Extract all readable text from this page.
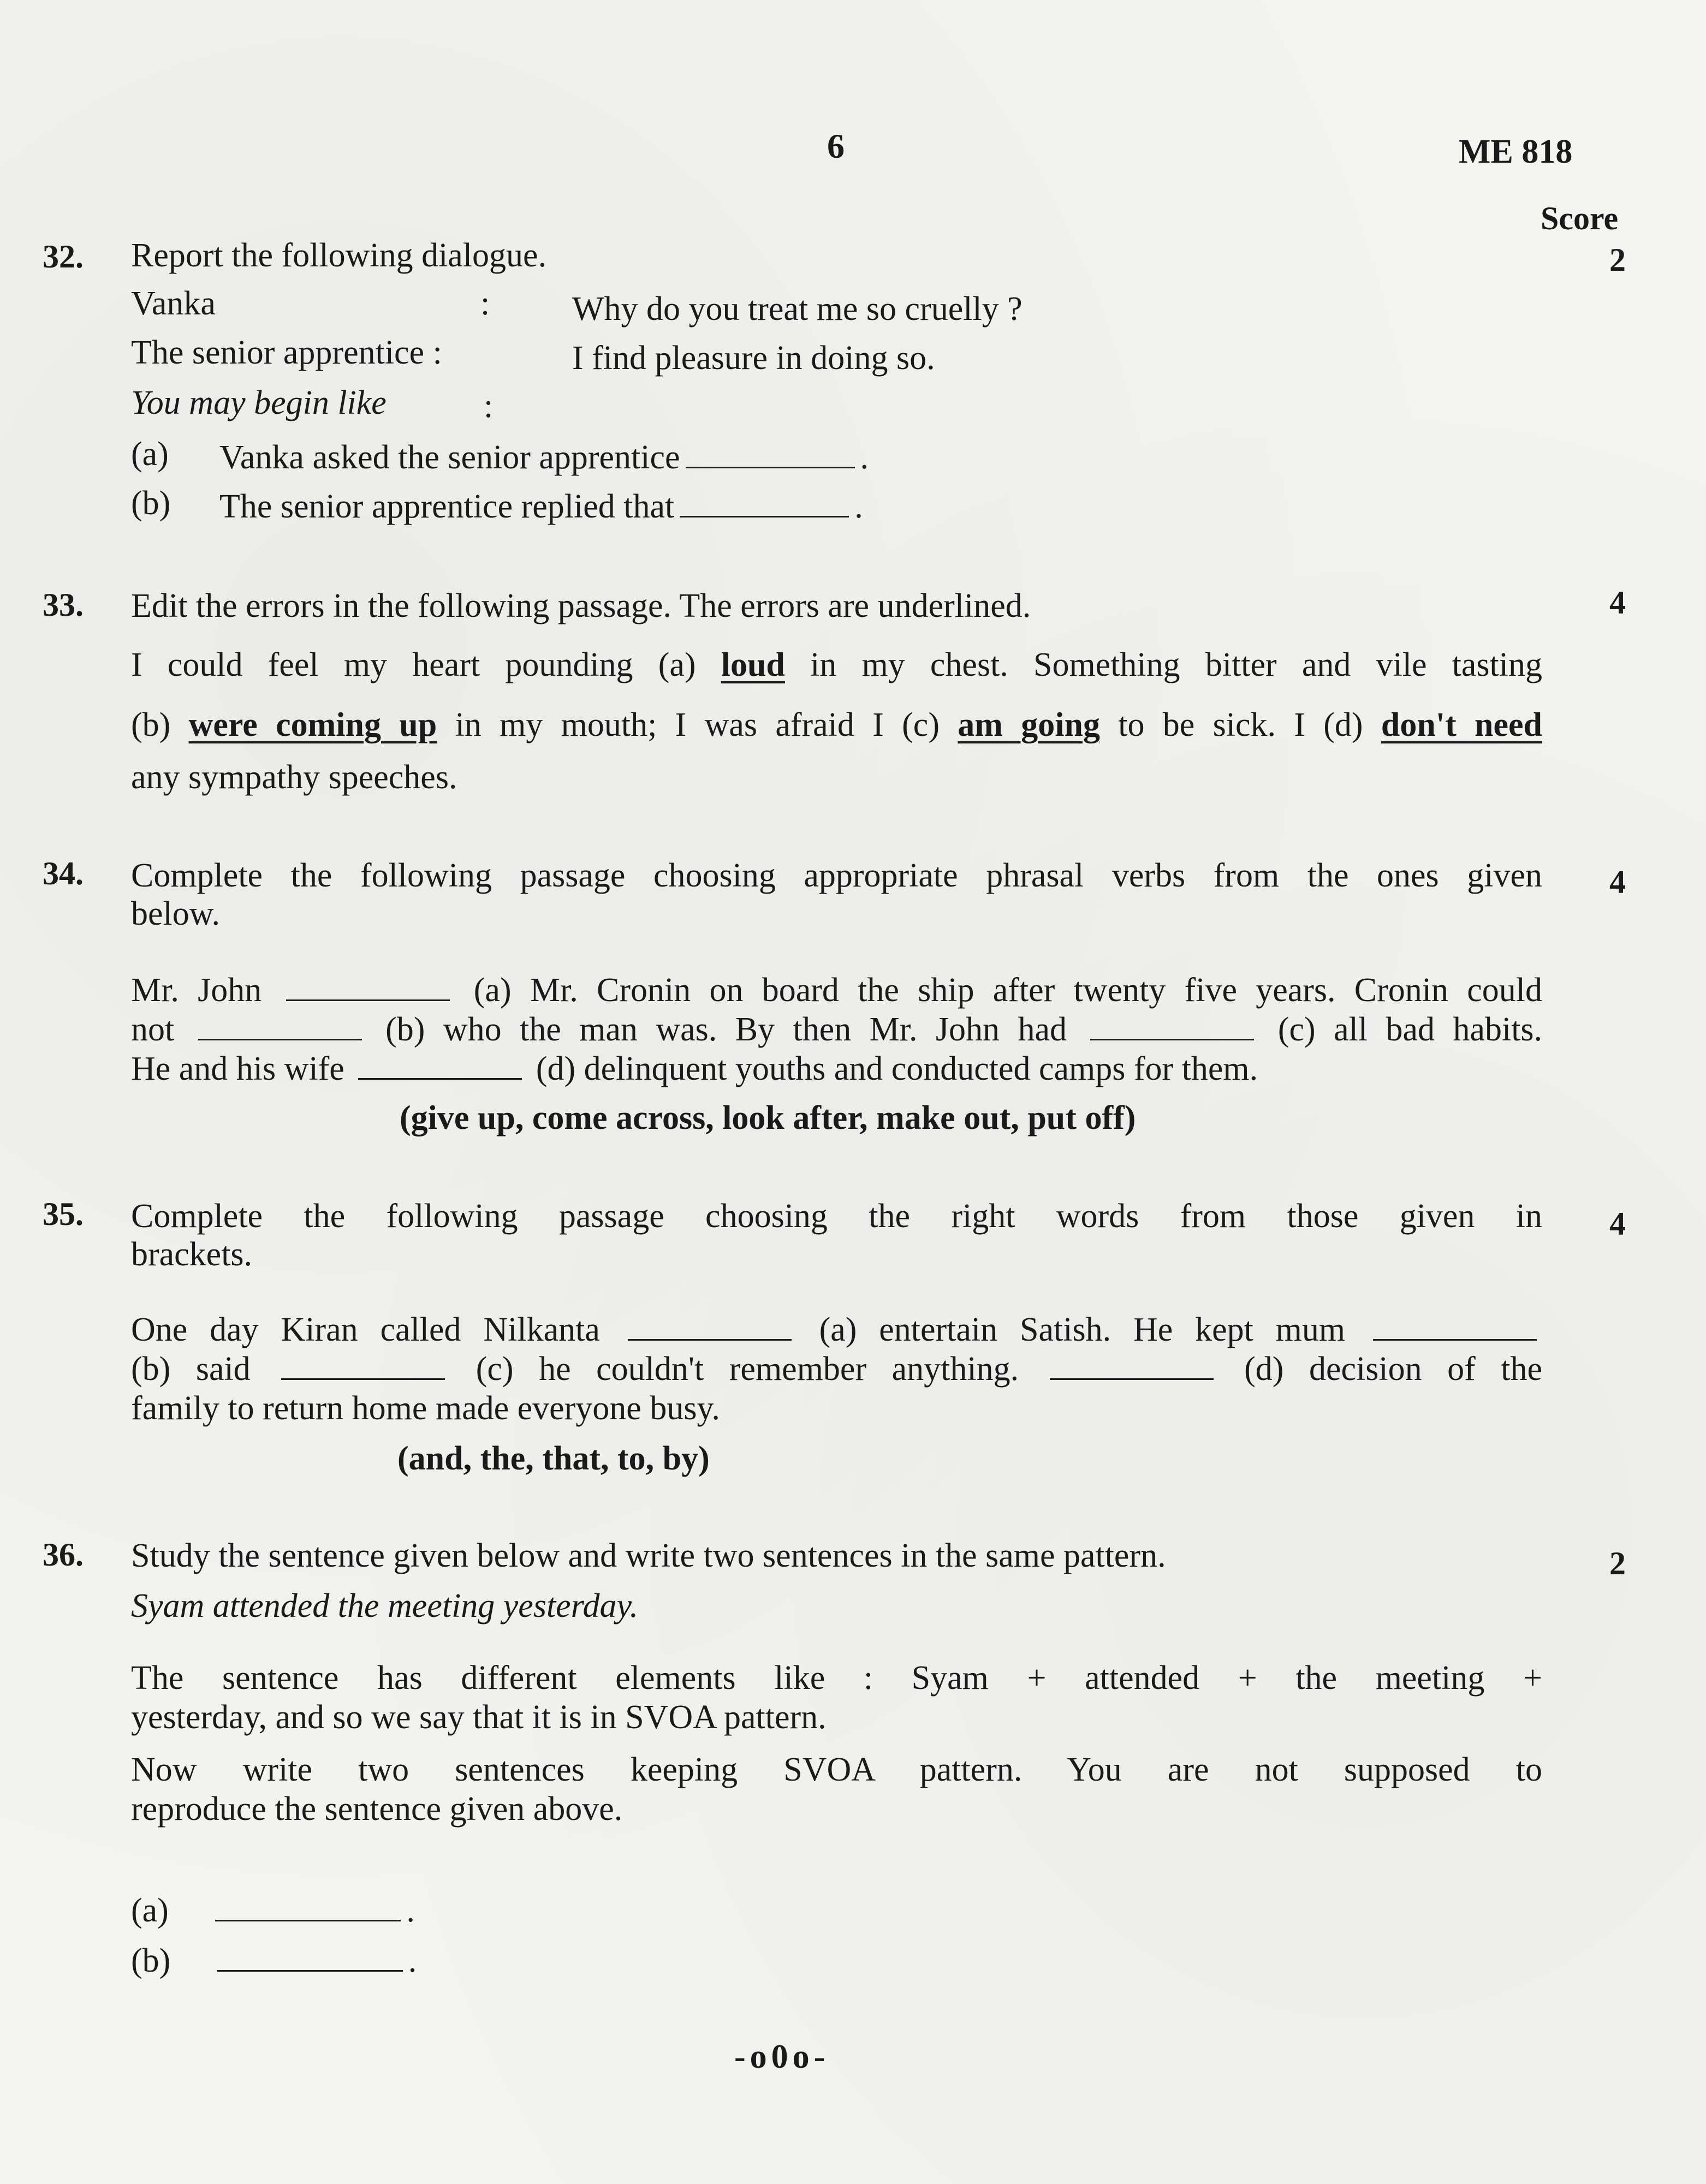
6	ME 818
Score
32. Report the following dialogue.	2
Vanka	: Why do you treat me so cruelly ?
The senior apprentice :	I find pleasure in doing so.
You may begin like	:
(a) Vanka asked the senior apprentice	.
(b) The senior apprentice replied that	.
33. Edit the errors in the following passage. The errors are underlined.	4
I could feel my heart pounding (a) loud in my chest. Something bitter and vile tasting
(b) were coming up in my mouth; I was afraid I (c) am going to be sick. I (d) don't need
any sympathy speeches.
34. Complete the following passage choosing appropriate phrasal verbs from the ones given 4
below.
Mr. John	(a) Mr. Cronin on board the ship after twenty five years. Cronin could
not	(b) who the man was. By then Mr. John had	(c) all bad habits.
He and his wife	(d) delinquent youths and conducted camps for them.
(give up, come across, look after, make out, put off)
35. Complete the following passage choosing the right words from those given in 4
brackets.
One day Kiran called Nilkanta	(a) entertain Satish. He kept mum
(b) said	(c) he couldn't remember anything.	(d) decision of the
family to return home made everyone busy.
(and, the, that, to, by)
36. Study the sentence given below and write two sentences in the same pattern.	2
Syam attended the meeting yesterday.
The sentence has different elements like : Syam + attended + the meeting +
yesterday, and so we say that it is in SVOA pattern.
Now write two sentences keeping SVOA pattern. You are not supposed to
reproduce the sentence given above.
(a)	.
(b)	.
-o0o-
